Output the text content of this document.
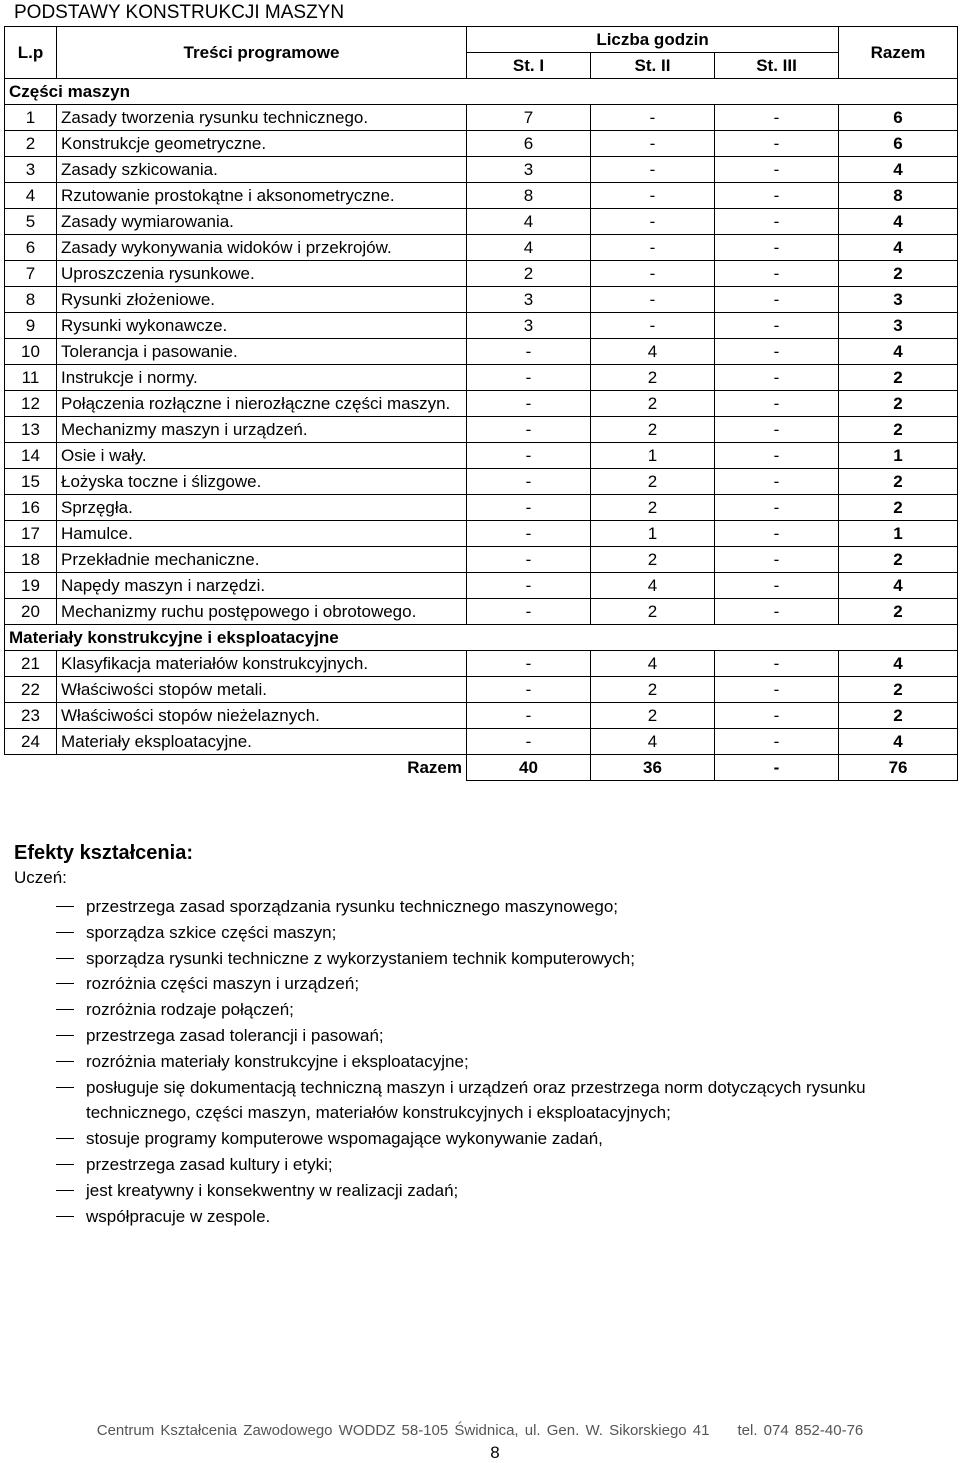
PODSTAWY KONSTRUKCJI MASZYN
L.p	Treści programowe	Liczba godzin			Razem
		St. I	St. II	St. III	
Części maszyn					
1	Zasady tworzenia rysunku technicznego.	7	-	-	6
2	Konstrukcje geometryczne.	6	-	-	6
3	Zasady szkicowania.	3	-	-	4
4	Rzutowanie prostokątne i aksonometryczne.	8	-	-	8
5	Zasady wymiarowania.	4	-	-	4
6	Zasady wykonywania widoków i przekrojów.	4	-	-	4
7	Uproszczenia rysunkowe.	2	-	-	2
8	Rysunki złożeniowe.	3	-	-	3
9	Rysunki wykonawcze.	3	-	-	3
10	Tolerancja i pasowanie.	-	4	-	4
11	Instrukcje i normy.	-	2	-	2
12	Połączenia rozłączne i nierozłączne części maszyn.	-	2	-	2
13	Mechanizmy maszyn i urządzeń.	-	2	-	2
14	Osie i wały.	-	1	-	1
15	Łożyska toczne i ślizgowe.	-	2	-	2
16	Sprzęgła.	-	2	-	2
17	Hamulce.	-	1	-	1
18	Przekładnie mechaniczne.	-	2	-	2
19	Napędy maszyn i narzędzi.	-	4	-	4
20	Mechanizmy ruchu postępowego i obrotowego.	-	2	-	2
Materiały konstrukcyjne i eksploatacyjne					
21	Klasyfikacja materiałów konstrukcyjnych.	-	4	-	4
22	Właściwości stopów metali.	-	2	-	2
23	Właściwości stopów nieżelaznych.	-	2	-	2
24	Materiały eksploatacyjne.	-	4	-	4
	Razem	40	36	-	76
Efekty kształcenia:
Uczeń:
przestrzega zasad sporządzania rysunku technicznego maszynowego;
sporządza szkice części maszyn;
sporządza rysunki techniczne z wykorzystaniem technik komputerowych;
rozróżnia części maszyn i urządzeń;
rozróżnia rodzaje połączeń;
przestrzega zasad tolerancji i pasowań;
rozróżnia materiały konstrukcyjne i eksploatacyjne;
posługuje się dokumentacją techniczną maszyn i urządzeń oraz przestrzega norm dotyczących rysunku technicznego, części maszyn, materiałów konstrukcyjnych i eksploatacyjnych;
stosuje programy komputerowe wspomagające wykonywanie zadań,
przestrzega zasad kultury i etyki;
jest kreatywny i konsekwentny w realizacji zadań;
współpracuje w zespole.
Centrum Kształcenia Zawodowego WODDZ 58-105 Świdnica, ul. Gen. W. Sikorskiego 41 tel. 074 852-40-76
8
